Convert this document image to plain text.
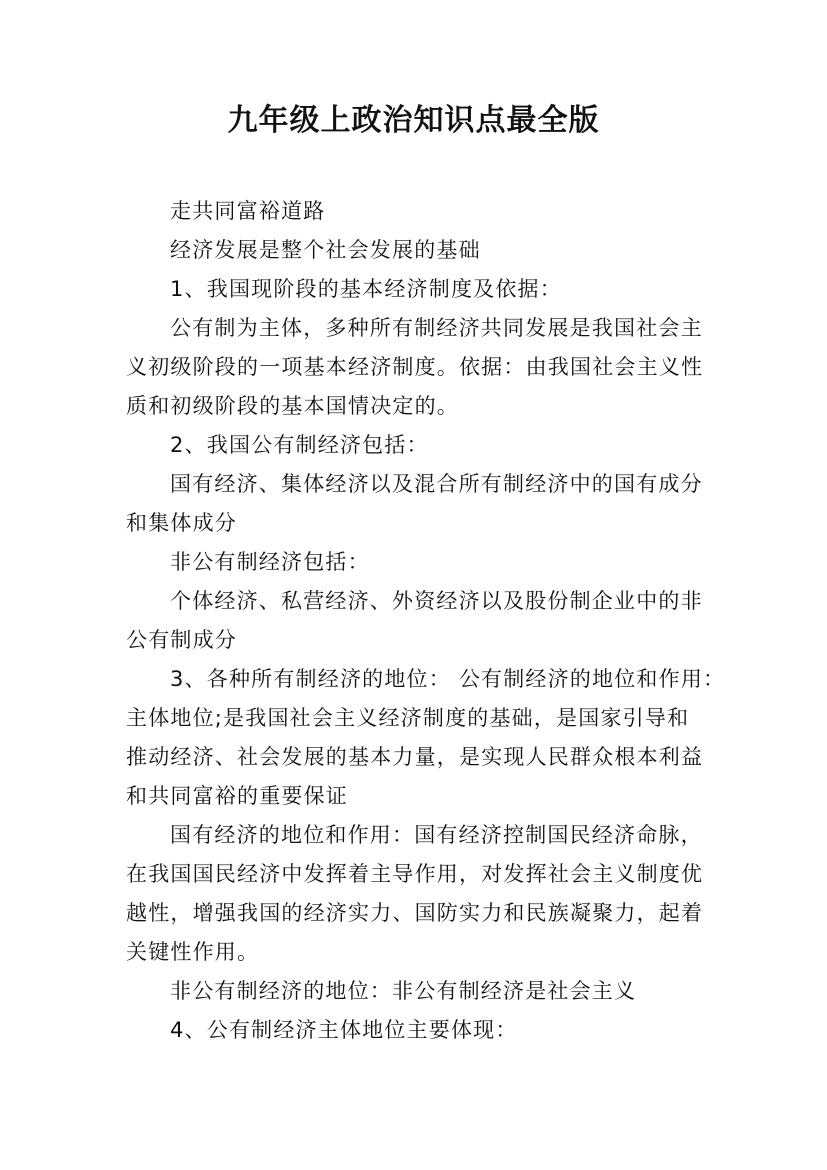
九年级上政治知识点最全版
走共同富裕道路
经济发展是整个社会发展的基础
1、我国现阶段的基本经济制度及依据：
公有制为主体，多种所有制经济共同发展是我国社会主
义初级阶段的一项基本经济制度。依据：由我国社会主义性
质和初级阶段的基本国情决定的。
2、我国公有制经济包括：
国有经济、集体经济以及混合所有制经济中的国有成分
和集体成分
非公有制经济包括：
个体经济、私营经济、外资经济以及股份制企业中的非
公有制成分
3、各种所有制经济的地位： 公有制经济的地位和作用：
主体地位;是我国社会主义经济制度的基础，是国家引导和
推动经济、社会发展的基本力量，是实现人民群众根本利益
和共同富裕的重要保证
国有经济的地位和作用：国有经济控制国民经济命脉，
在我国国民经济中发挥着主导作用，对发挥社会主义制度优
越性，增强我国的经济实力、国防实力和民族凝聚力，起着
关键性作用。
非公有制经济的地位：非公有制经济是社会主义
4、公有制经济主体地位主要体现：
